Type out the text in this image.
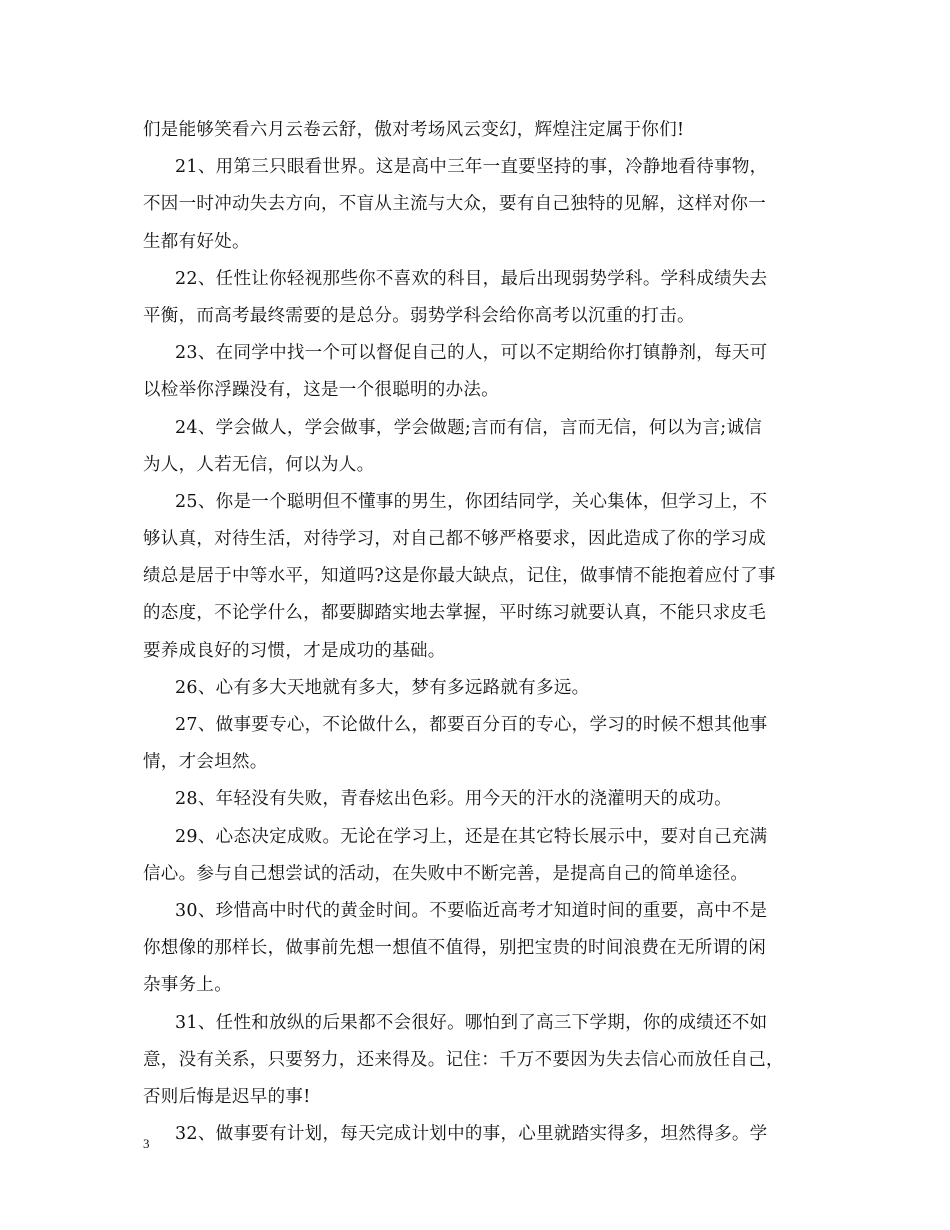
们是能够笑看六月云卷云舒，傲对考场风云变幻，辉煌注定属于你们!
21、用第三只眼看世界。这是高中三年一直要坚持的事，冷静地看待事物，
不因一时冲动失去方向，不盲从主流与大众，要有自己独特的见解，这样对你一
生都有好处。
22、任性让你轻视那些你不喜欢的科目，最后出现弱势学科。学科成绩失去
平衡，而高考最终需要的是总分。弱势学科会给你高考以沉重的打击。
23、在同学中找一个可以督促自己的人，可以不定期给你打镇静剂，每天可
以检举你浮躁没有，这是一个很聪明的办法。
24、学会做人，学会做事，学会做题;言而有信，言而无信，何以为言;诚信
为人，人若无信，何以为人。
25、你是一个聪明但不懂事的男生，你团结同学，关心集体，但学习上，不
够认真，对待生活，对待学习，对自己都不够严格要求，因此造成了你的学习成
绩总是居于中等水平，知道吗?这是你最大缺点，记住，做事情不能抱着应付了事
的态度，不论学什么，都要脚踏实地去掌握，平时练习就要认真，不能只求皮毛
要养成良好的习惯，才是成功的基础。
26、心有多大天地就有多大，梦有多远路就有多远。
27、做事要专心，不论做什么，都要百分百的专心，学习的时候不想其他事
情，才会坦然。
28、年轻没有失败，青春炫出色彩。用今天的汗水的浇灌明天的成功。
29、心态决定成败。无论在学习上，还是在其它特长展示中，要对自己充满
信心。参与自己想尝试的活动，在失败中不断完善，是提高自己的简单途径。
30、珍惜高中时代的黄金时间。不要临近高考才知道时间的重要，高中不是
你想像的那样长，做事前先想一想值不值得，别把宝贵的时间浪费在无所谓的闲
杂事务上。
31、任性和放纵的后果都不会很好。哪怕到了高三下学期，你的成绩还不如
意，没有关系，只要努力，还来得及。记住：千万不要因为失去信心而放任自己，
否则后悔是迟早的事!
32、做事要有计划，每天完成计划中的事，心里就踏实得多，坦然得多。学
3
